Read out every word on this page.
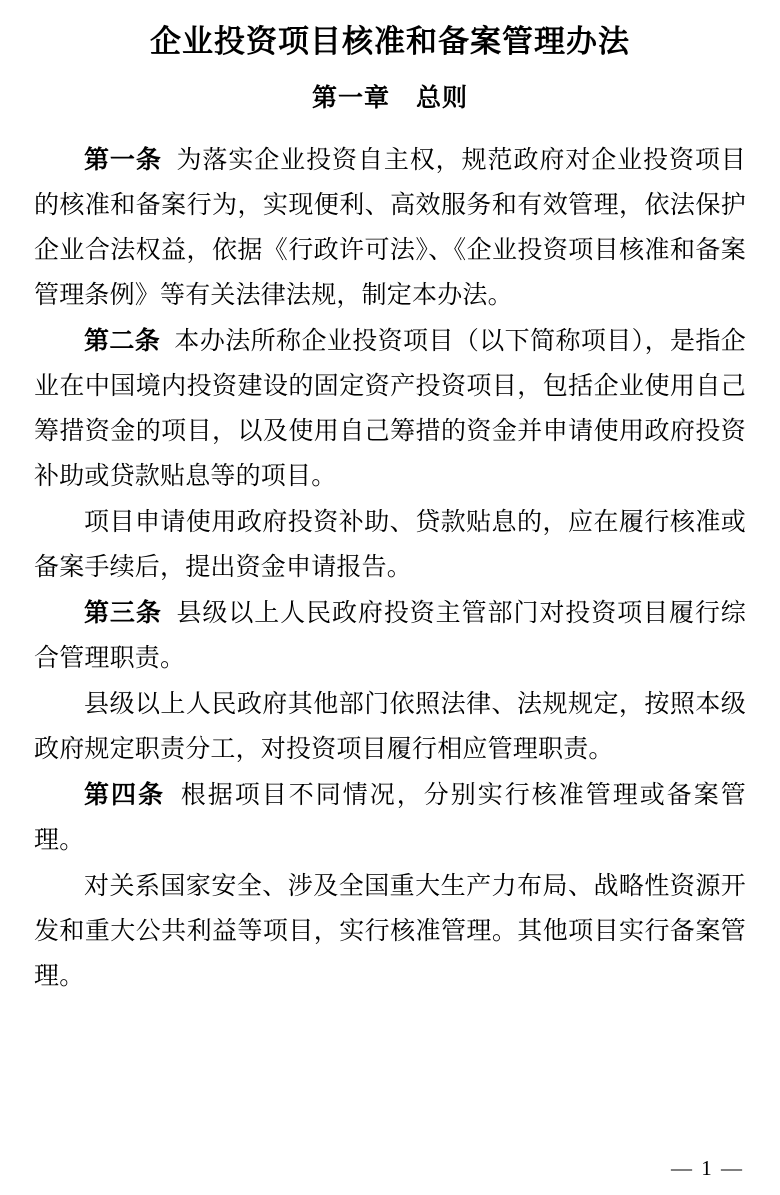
企业投资项目核准和备案管理办法
第一章　总则

第一条 为落实企业投资自主权，规范政府对企业投资项目的核准和备案行为，实现便利、高效服务和有效管理，依法保护企业合法权益，依据《行政许可法》、《企业投资项目核准和备案管理条例》等有关法律法规，制定本办法。

第二条 本办法所称企业投资项目（以下简称项目），是指企业在中国境内投资建设的固定资产投资项目，包括企业使用自己筹措资金的项目，以及使用自己筹措的资金并申请使用政府投资补助或贷款贴息等的项目。

项目申请使用政府投资补助、贷款贴息的，应在履行核准或备案手续后，提出资金申请报告。

第三条 县级以上人民政府投资主管部门对投资项目履行综合管理职责。

县级以上人民政府其他部门依照法律、法规规定，按照本级政府规定职责分工，对投资项目履行相应管理职责。

第四条 根据项目不同情况，分别实行核准管理或备案管理。

对关系国家安全、涉及全国重大生产力布局、战略性资源开发和重大公共利益等项目，实行核准管理。其他项目实行备案管理。

— 1 —
